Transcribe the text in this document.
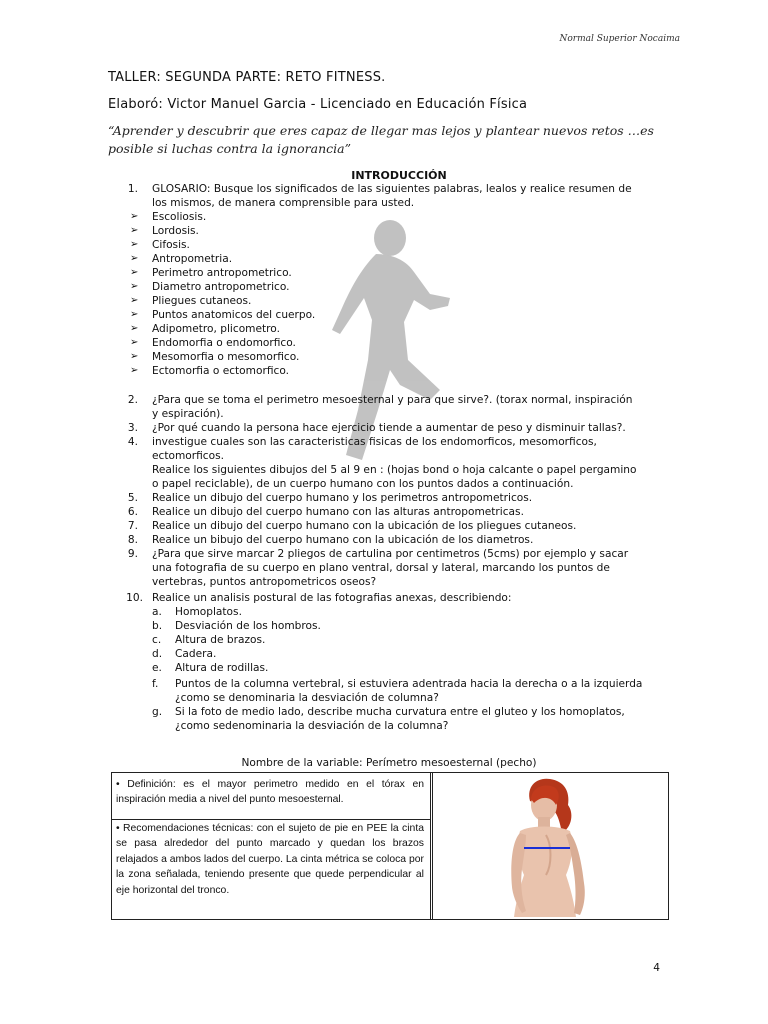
Normal Superior Nocaima
TALLER: SEGUNDA PARTE: RETO FITNESS.
Elaboró: Victor Manuel Garcia - Licenciado en Educación Física
“Aprender y descubrir que eres capaz de llegar mas lejos y plantear nuevos retos …es
posible si luchas contra la ignorancia”
INTRODUCCIÓN
1. GLOSARIO: Busque los significados de las siguientes palabras, lealos y realice resumen de
los mismos, de manera comprensible para usted.
➢ Escoliosis.
➢ Lordosis.
➢ Cifosis.
➢ Antropometria.
➢ Perimetro antropometrico.
➢ Diametro antropometrico.
➢ Pliegues cutaneos.
➢ Puntos anatomicos del cuerpo.
➢ Adipometro, plicometro.
➢ Endomorfia o endomorfico.
➢ Mesomorfia o mesomorfico.
➢ Ectomorfia o ectomorfico.
2. ¿Para que se toma el perimetro mesoesternal y para que sirve?. (torax normal, inspiración
y espiración).
3. ¿Por qué cuando la persona hace ejercicio tiende a aumentar de peso y disminuir tallas?.
4. investigue cuales son las caracteristicas fisicas de los endomorficos, mesomorficos,
ectomorficos.
Realice los siguientes dibujos del 5 al 9 en : (hojas bond o hoja calcante o papel pergamino
o papel reciclable), de un cuerpo humano con los puntos dados a continuación.
5. Realice un dibujo del cuerpo humano y los perimetros antropometricos.
6. Realice un dibujo del cuerpo humano con las alturas antropometricas.
7. Realice un dibujo del cuerpo humano con la ubicación de los pliegues cutaneos.
8. Realice un bibujo del cuerpo humano con la ubicación de los diametros.
9. ¿Para que sirve marcar 2 pliegos de cartulina por centimetros (5cms) por ejemplo y sacar
una fotografia de su cuerpo en plano ventral, dorsal y lateral, marcando los puntos de
vertebras, puntos antropometricos oseos?
10. Realice un analisis postural de las fotografias anexas, describiendo:
a. Homoplatos.
b. Desviación de los hombros.
c. Altura de brazos.
d. Cadera.
e. Altura de rodillas.
f. Puntos de la columna vertebral, si estuviera adentrada hacia la derecha o a la izquierda
¿como se denominaria la desviación de columna?
g. Si la foto de medio lado, describe mucha curvatura entre el gluteo y los homoplatos,
¿como sedenominaria la desviación de la columna?
Nombre de la variable: Perímetro mesoesternal (pecho)
• Definición: es el mayor perimetro medido en el tórax en inspiración media a nivel del punto mesoesternal.
• Recomendaciones técnicas: con el sujeto de pie en PEE la cinta se pasa alrededor del punto marcado y quedan los brazos relajados a ambos lados del cuerpo. La cinta métrica se coloca por la zona señalada, teniendo presente que quede perpendicular al eje horizontal del tronco.
4
